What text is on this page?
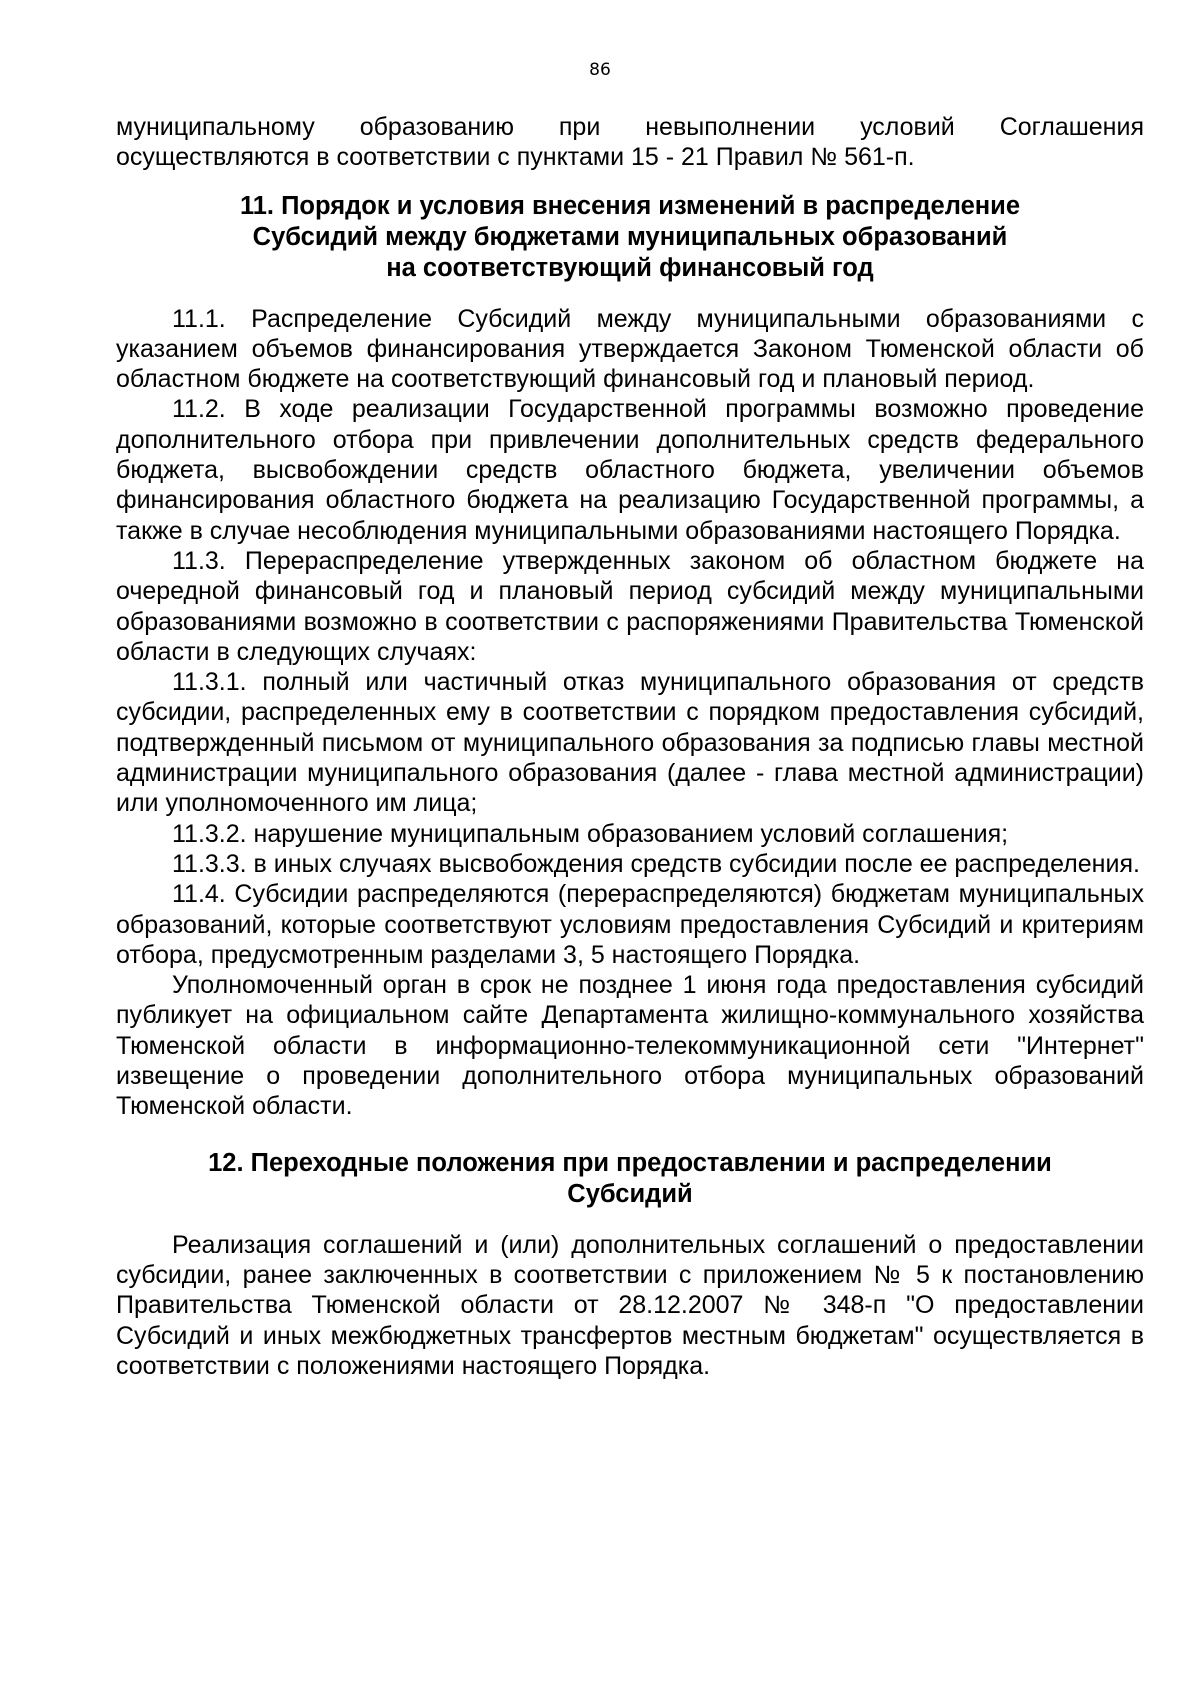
86

муниципальному образованию при невыполнении условий Соглашения осуществляются в соответствии с пунктами 15 - 21 Правил № 561-п.

11. Порядок и условия внесения изменений в распределение
Субсидий между бюджетами муниципальных образований
на соответствующий финансовый год

11.1. Распределение Субсидий между муниципальными образованиями с указанием объемов финансирования утверждается Законом Тюменской области об областном бюджете на соответствующий финансовый год и плановый период.

11.2. В ходе реализации Государственной программы возможно проведение дополнительного отбора при привлечении дополнительных средств федерального бюджета, высвобождении средств областного бюджета, увеличении объемов финансирования областного бюджета на реализацию Государственной программы, а также в случае несоблюдения муниципальными образованиями настоящего Порядка.

11.3. Перераспределение утвержденных законом об областном бюджете на очередной финансовый год и плановый период субсидий между муниципальными образованиями возможно в соответствии с распоряжениями Правительства Тюменской области в следующих случаях:

11.3.1. полный или частичный отказ муниципального образования от средств субсидии, распределенных ему в соответствии с порядком предоставления субсидий, подтвержденный письмом от муниципального образования за подписью главы местной администрации муниципального образования (далее - глава местной администрации) или уполномоченного им лица;

11.3.2. нарушение муниципальным образованием условий соглашения;

11.3.3. в иных случаях высвобождения средств субсидии после ее распределения.

11.4. Субсидии распределяются (перераспределяются) бюджетам муниципальных образований, которые соответствуют условиям предоставления Субсидий и критериям отбора, предусмотренным разделами 3, 5 настоящего Порядка.

Уполномоченный орган в срок не позднее 1 июня года предоставления субсидий публикует на официальном сайте Департамента жилищно-коммунального хозяйства Тюменской области в информационно-телекоммуникационной сети "Интернет" извещение о проведении дополнительного отбора муниципальных образований Тюменской области.

12. Переходные положения при предоставлении и распределении
Субсидий

Реализация соглашений и (или) дополнительных соглашений о предоставлении субсидии, ранее заключенных в соответствии с приложением № 5 к постановлению Правительства Тюменской области от 28.12.2007 № 348-п "О предоставлении Субсидий и иных межбюджетных трансфертов местным бюджетам" осуществляется в соответствии с положениями настоящего Порядка.
